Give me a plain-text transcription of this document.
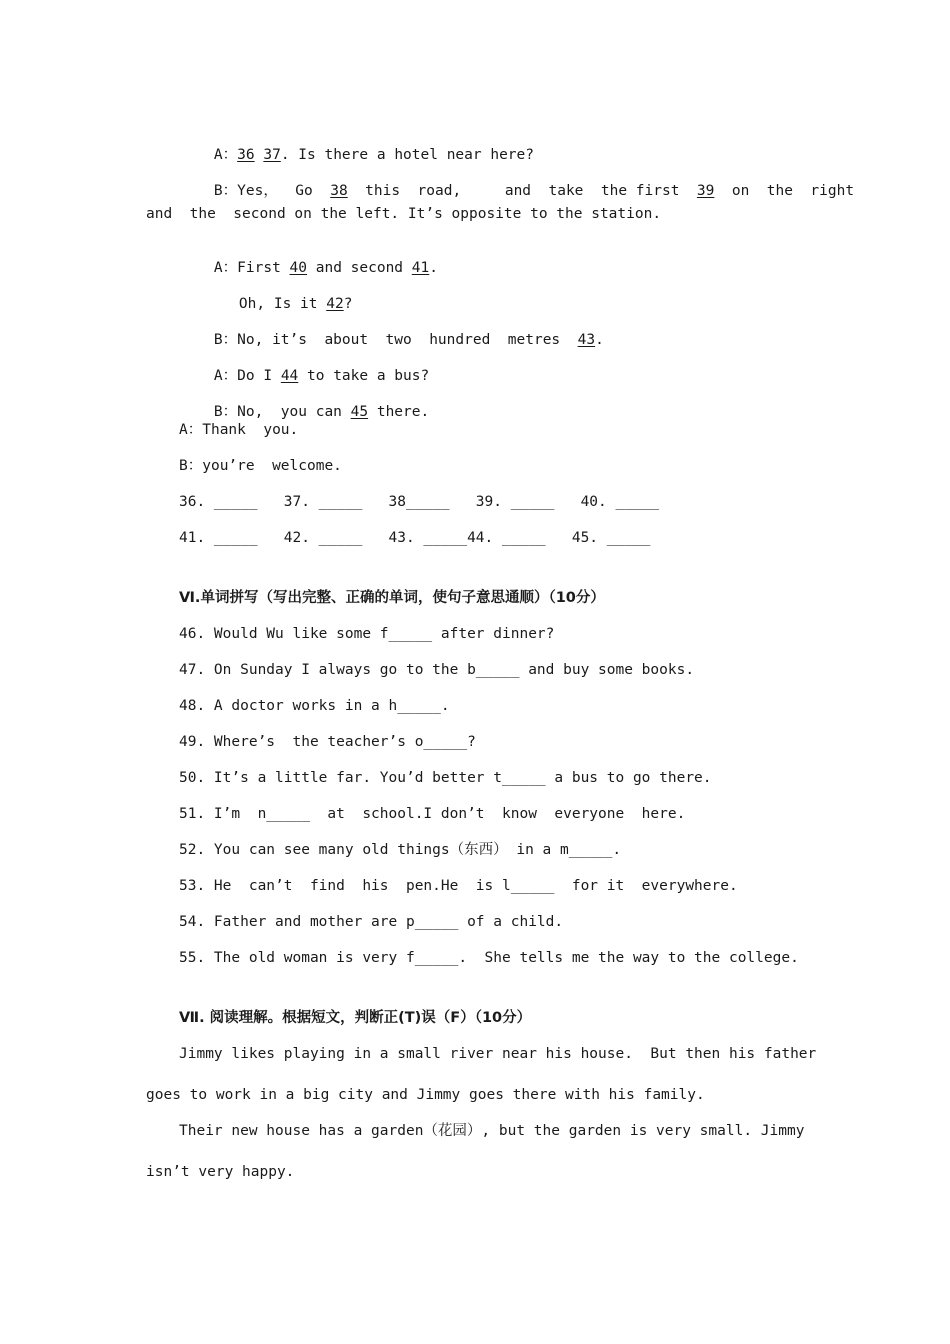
A：36 37. Is there a hotel near here?

B：Yes，  Go  38  this  road,     and  take  the first  39  on  the  right

and  the  second on the left. It’s opposite to the station.

A：First 40 and second 41.

Oh, Is it 42?

B：No, it’s  about  two  hundred  metres  43.

A：Do I 44 to take a bus?

B：No,  you can 45 there.

A：Thank  you.
B：you’re  welcome.
36. _____   37. _____   38_____   39. _____   40. _____
41. _____   42. _____   43. _____44. _____   45. _____
Ⅵ.单词拼写（写出完整、正确的单词，使句子意思通顺）（10分）
46. Would Wu like some f_____ after dinner?
47. On Sunday I always go to the b_____ and buy some books.
48. A doctor works in a h_____.
49. Where’s  the teacher’s o_____?
50. It’s a little far. You’d better t_____ a bus to go there.
51. I’m  n_____  at  school.I don’t  know  everyone  here.
52. You can see many old things（东西） in a m_____.
53. He  can’t  find  his  pen.He  is l_____  for it  everywhere.
54. Father and mother are p_____ of a child.
55. The old woman is very f_____.  She tells me the way to the college.
Ⅶ. 阅读理解。根据短文，判断正(T)误（F）（10分）
Jimmy likes playing in a small river near his house.  But then his father
goes to work in a big city and Jimmy goes there with his family.
Their new house has a garden（花园）, but the garden is very small. Jimmy
isn’t very happy.
